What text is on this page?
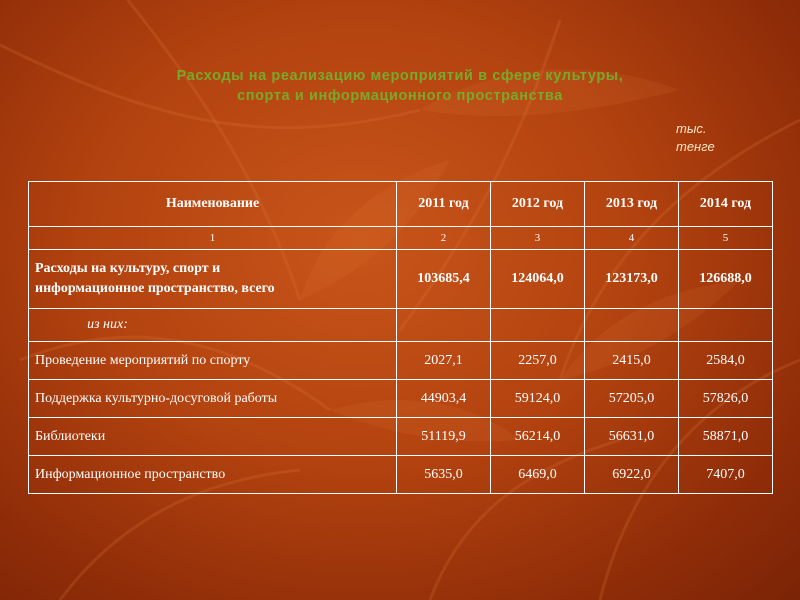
Расходы на реализацию мероприятий в сфере культуры,
спорта и информационного пространства
тыс.
тенге
Наименование	2011 год	2012 год	2013 год	2014 год
1	2	3	4	5

Расходы на культуру, спорт и
информационное пространство, всего	103685,4	124064,0	123173,0	126688,0
из них:				
Проведение мероприятий по спорту	2027,1	2257,0	2415,0	2584,0
Поддержка культурно-досуговой работы	44903,4	59124,0	57205,0	57826,0
Библиотеки	51119,9	56214,0	56631,0	58871,0
Информационное пространство	5635,0	6469,0	6922,0	7407,0
